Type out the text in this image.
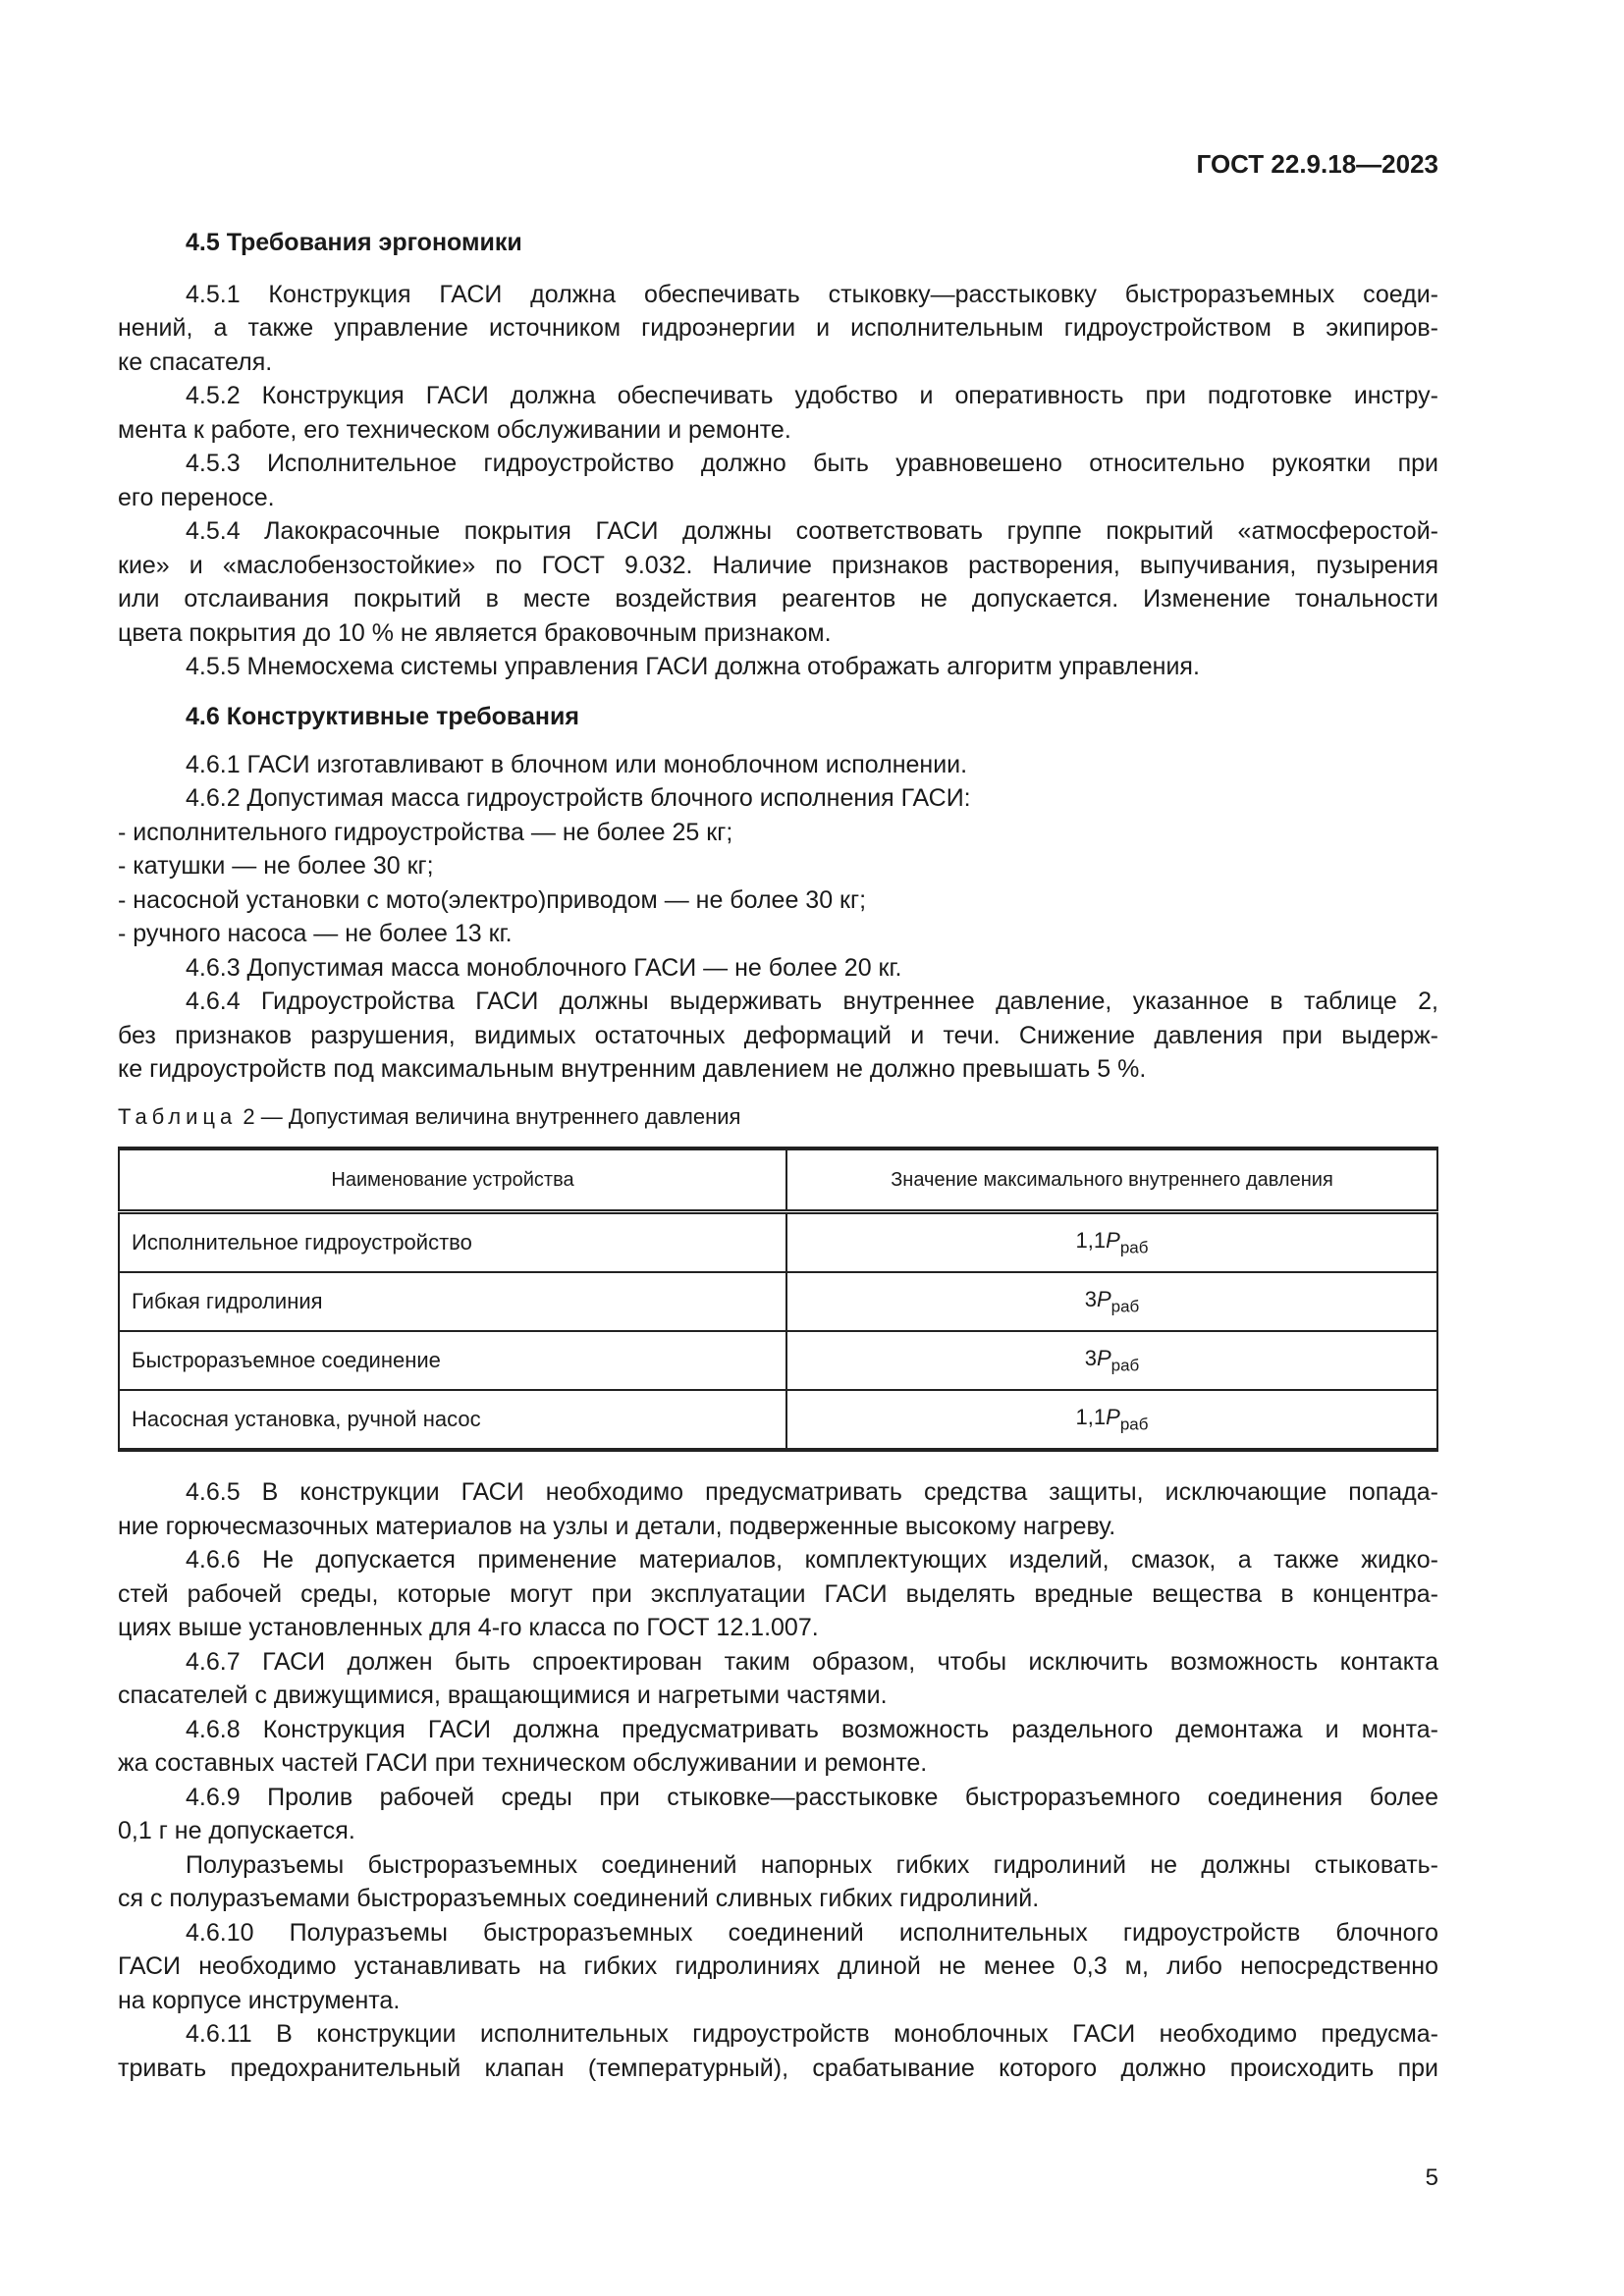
ГОСТ 22.9.18—2023
4.5 Требования эргономики
4.5.1 Конструкция ГАСИ должна обеспечивать стыковку—расстыковку быстроразъемных соеди-
нений, а также управление источником гидроэнергии и исполнительным гидроустройством в экипиров-
ке спасателя.
4.5.2 Конструкция ГАСИ должна обеспечивать удобство и оперативность при подготовке инстру-
мента к работе, его техническом обслуживании и ремонте.
4.5.3 Исполнительное гидроустройство должно быть уравновешено относительно рукоятки при
его переносе.
4.5.4 Лакокрасочные покрытия ГАСИ должны соответствовать группе покрытий «атмосферостой-
кие» и «маслобензостойкие» по ГОСТ 9.032. Наличие признаков растворения, выпучивания, пузырения
или отслаивания покрытий в месте воздействия реагентов не допускается. Изменение тональности
цвета покрытия до 10 % не является браковочным признаком.
4.5.5 Мнемосхема системы управления ГАСИ должна отображать алгоритм управления.
4.6 Конструктивные требования
4.6.1 ГАСИ изготавливают в блочном или моноблочном исполнении.
4.6.2 Допустимая масса гидроустройств блочного исполнения ГАСИ:
- исполнительного гидроустройства — не более 25 кг;
- катушки — не более 30 кг;
- насосной установки с мото(электро)приводом — не более 30 кг;
- ручного насоса — не более 13 кг.
4.6.3 Допустимая масса моноблочного ГАСИ — не более 20 кг.
4.6.4 Гидроустройства ГАСИ должны выдерживать внутреннее давление, указанное в таблице 2,
без признаков разрушения, видимых остаточных деформаций и течи. Снижение давления при выдерж-
ке гидроустройств под максимальным внутренним давлением не должно превышать 5 %.
Таблица 2 — Допустимая величина внутреннего давления
Наименование устройства	Значение максимального внутреннего давления
Исполнительное гидроустройство	$1,1P_{раб}$
Гибкая гидролиния	$3P_{раб}$
Быстроразъемное соединение	$3P_{раб}$
Насосная установка, ручной насос	$1,1P_{раб}$
4.6.5 В конструкции ГАСИ необходимо предусматривать средства защиты, исключающие попада-
ние горючесмазочных материалов на узлы и детали, подверженные высокому нагреву.
4.6.6 Не допускается применение материалов, комплектующих изделий, смазок, а также жидко-
стей рабочей среды, которые могут при эксплуатации ГАСИ выделять вредные вещества в концентра-
циях выше установленных для 4-го класса по ГОСТ 12.1.007.
4.6.7 ГАСИ должен быть спроектирован таким образом, чтобы исключить возможность контакта
спасателей с движущимися, вращающимися и нагретыми частями.
4.6.8 Конструкция ГАСИ должна предусматривать возможность раздельного демонтажа и монта-
жа составных частей ГАСИ при техническом обслуживании и ремонте.
4.6.9 Пролив рабочей среды при стыковке—расстыковке быстроразъемного соединения более
0,1 г не допускается.
Полуразъемы быстроразъемных соединений напорных гибких гидролиний не должны стыковать-
ся с полуразъемами быстроразъемных соединений сливных гибких гидролиний.
4.6.10 Полуразъемы быстроразъемных соединений исполнительных гидроустройств блочного
ГАСИ необходимо устанавливать на гибких гидролиниях длиной не менее 0,3 м, либо непосредственно
на корпусе инструмента.
4.6.11 В конструкции исполнительных гидроустройств моноблочных ГАСИ необходимо предусма-
тривать предохранительный клапан (температурный), срабатывание которого должно происходить при
5
